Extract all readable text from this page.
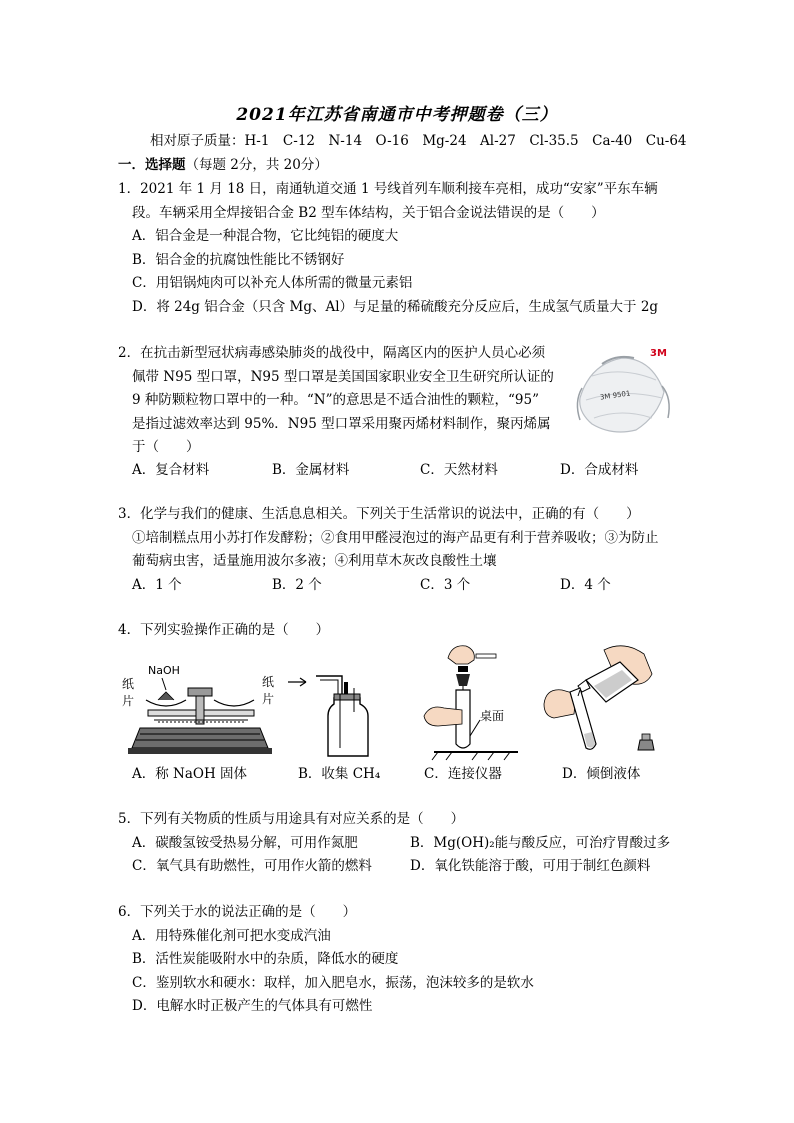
2021年江苏省南通市中考押题卷（三）
相对原子质量：H-1　C-12　N-14　O-16　Mg-24　Al-27　Cl-35.5　Ca-40　Cu-64
一．选择题（每题 2分，共 20分）
1．2021 年 1 月 18 日，南通轨道交通 1 号线首列车顺利接车亮相，成功“安家”平东车辆
段。车辆采用全焊接铝合金 B2 型车体结构，关于铝合金说法错误的是（　　）
A．铝合金是一种混合物，它比纯铝的硬度大
B．铝合金的抗腐蚀性能比不锈钢好
C．用铝锅炖肉可以补充人体所需的微量元素铝
D．将 24g 铝合金（只含 Mg、Al）与足量的稀硫酸充分反应后，生成氢气质量大于 2g
2．在抗击新型冠状病毒感染肺炎的战役中，隔离区内的医护人员心必须
佩带 N95 型口罩，N95 型口罩是美国国家职业安全卫生研究所认证的
9 种防颗粒物口罩中的一种。“N”的意思是不适合油性的颗粒，“95”
是指过滤效率达到 95%．N95 型口罩采用聚丙烯材料制作，聚丙烯属
于（　　）
A．复合材料	B．金属材料	C．天然材料	D．合成材料
3M
3M 9501
3．化学与我们的健康、生活息息相关。下列关于生活常识的说法中，正确的有（　　）
①培制糕点用小苏打作发酵粉；②食用甲醛浸泡过的海产品更有利于营养吸收；③为防止
葡萄病虫害，适量施用波尔多液；④利用草木灰改良酸性土壤
A．1 个	B．2 个	C．3 个	D．4 个
4．下列实验操作正确的是（　　）
纸
片
纸
片
NaOH
桌面
A．称 NaOH 固体	B．收集 CH₄	C．连接仪器	D．倾倒液体
5．下列有关物质的性质与用途具有对应关系的是（　　）
A．碳酸氢铵受热易分解，可用作氮肥	B．Mg(OH)₂能与酸反应，可治疗胃酸过多
C．氧气具有助燃性，可用作火箭的燃料	D．氧化铁能溶于酸，可用于制红色颜料
6．下列关于水的说法正确的是（　　）
A．用特殊催化剂可把水变成汽油
B．活性炭能吸附水中的杂质，降低水的硬度
C．鉴别软水和硬水：取样，加入肥皂水，振荡，泡沫较多的是软水
D．电解水时正极产生的气体具有可燃性
